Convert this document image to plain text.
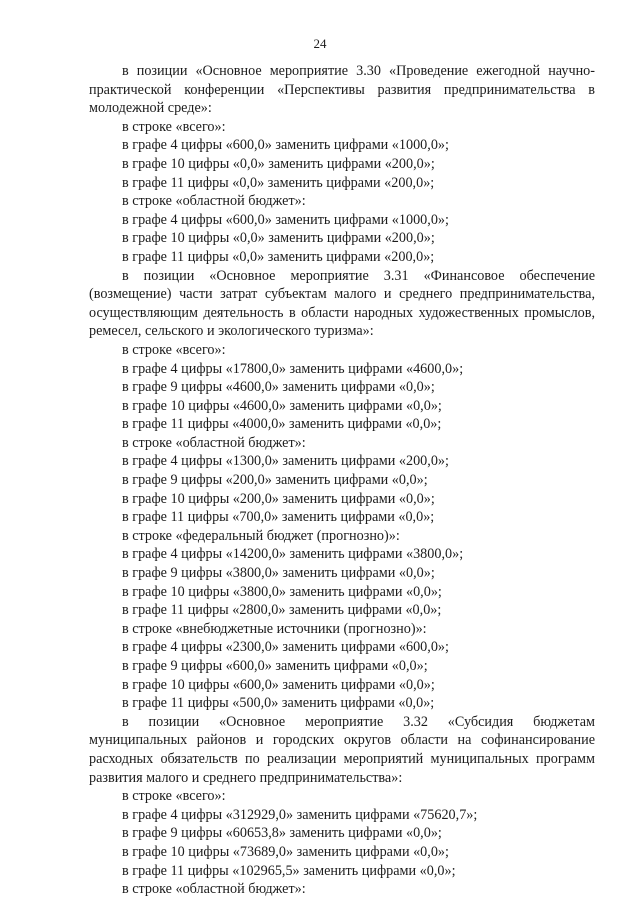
24

в позиции «Основное мероприятие 3.30 «Проведение ежегодной научно-практической конференции «Перспективы развития предпринимательства в молодежной среде»:

в строке «всего»:

в графе 4 цифры «600,0» заменить цифрами «1000,0»;

в графе 10 цифры «0,0» заменить цифрами «200,0»;

в графе 11 цифры «0,0» заменить цифрами «200,0»;

в строке «областной бюджет»:

в графе 4 цифры «600,0» заменить цифрами «1000,0»;

в графе 10 цифры «0,0» заменить цифрами «200,0»;

в графе 11 цифры «0,0» заменить цифрами «200,0»;

в позиции «Основное мероприятие 3.31 «Финансовое обеспечение (возмещение) части затрат субъектам малого и среднего предпринимательства, осуществляющим деятельность в области народных художественных промыслов, ремесел, сельского и экологического туризма»:

в строке «всего»:

в графе 4 цифры «17800,0» заменить цифрами «4600,0»;

в графе 9 цифры «4600,0» заменить цифрами «0,0»;

в графе 10 цифры «4600,0» заменить цифрами «0,0»;

в графе 11 цифры «4000,0» заменить цифрами «0,0»;

в строке «областной бюджет»:

в графе 4 цифры «1300,0» заменить цифрами «200,0»;

в графе 9 цифры «200,0» заменить цифрами «0,0»;

в графе 10 цифры «200,0» заменить цифрами «0,0»;

в графе 11 цифры «700,0» заменить цифрами «0,0»;

в строке «федеральный бюджет (прогнозно)»:

в графе 4 цифры «14200,0» заменить цифрами «3800,0»;

в графе 9 цифры «3800,0» заменить цифрами «0,0»;

в графе 10 цифры «3800,0» заменить цифрами «0,0»;

в графе 11 цифры «2800,0» заменить цифрами «0,0»;

в строке «внебюджетные источники (прогнозно)»:

в графе 4 цифры «2300,0» заменить цифрами «600,0»;

в графе 9 цифры «600,0» заменить цифрами «0,0»;

в графе 10 цифры «600,0» заменить цифрами «0,0»;

в графе 11 цифры «500,0» заменить цифрами «0,0»;

в позиции «Основное мероприятие 3.32 «Субсидия бюджетам муниципальных районов и городских округов области на софинансирование расходных обязательств по реализации мероприятий муниципальных программ развития малого и среднего предпринимательства»:

в строке «всего»:

в графе 4 цифры «312929,0» заменить цифрами «75620,7»;

в графе 9 цифры «60653,8» заменить цифрами «0,0»;

в графе 10 цифры «73689,0» заменить цифрами «0,0»;

в графе 11 цифры «102965,5» заменить цифрами «0,0»;

в строке «областной бюджет»:
